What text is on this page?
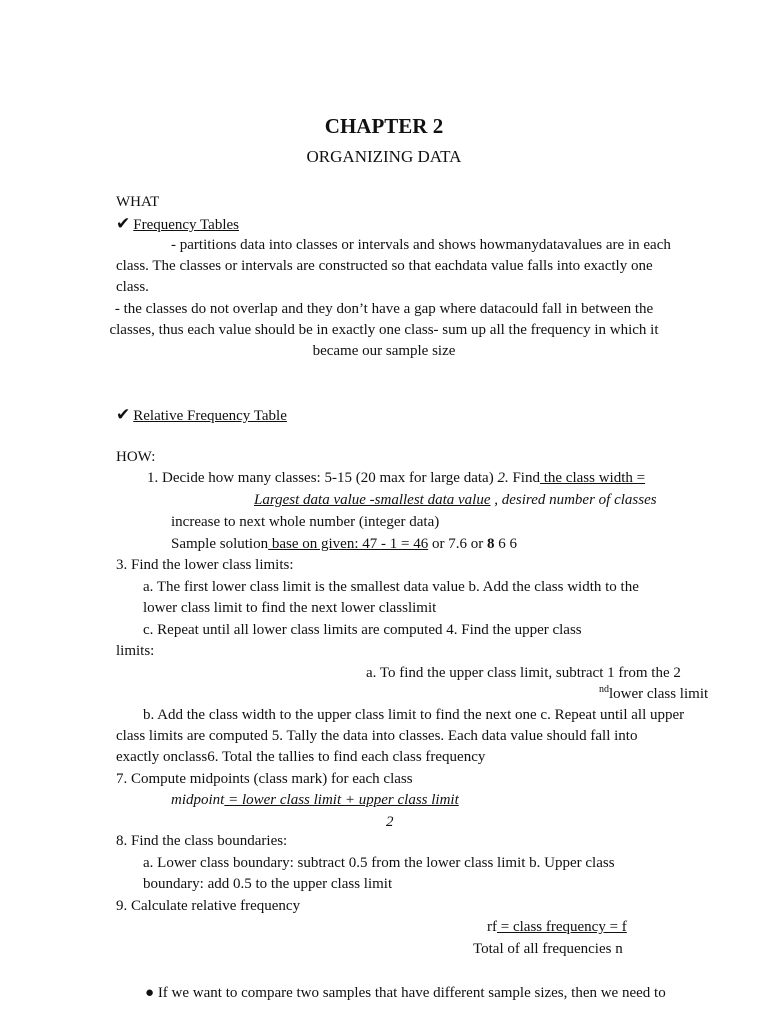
CHAPTER 2
ORGANIZING DATA
WHAT
✔ Frequency Tables
- partitions data into classes or intervals and shows howmanydatavalues are in each
class. The classes or intervals are constructed so that eachdata value falls into exactly one
class.
- the classes do not overlap and they don’t have a gap where datacould fall in between the
classes, thus each value should be in exactly one class- sum up all the frequency in which it
became our sample size
✔ Relative Frequency Table
HOW:
1. Decide how many classes: 5-15 (20 max for large data) 2. Find the class width =
Largest data value -smallest data value , desired number of classes
increase to next whole number (integer data)
Sample solution base on given: 47 - 1 = 46 or 7.6 or 8 6 6
3. Find the lower class limits:
a. The first lower class limit is the smallest data value b. Add the class width to the
lower class limit to find the next lower classlimit
c. Repeat until all lower class limits are computed 4. Find the upper class
limits:
a. To find the upper class limit, subtract 1 from the 2
$^{nd}$lower class limit
b. Add the class width to the upper class limit to find the next one c. Repeat until all upper
class limits are computed 5. Tally the data into classes. Each data value should fall into
exactly onclass6. Total the tallies to find each class frequency
7. Compute midpoints (class mark) for each class
midpoint = lower class limit + upper class limit
2
8. Find the class boundaries:
a. Lower class boundary: subtract 0.5 from the lower class limit b. Upper class
boundary: add 0.5 to the upper class limit
9. Calculate relative frequency
rf = class frequency = f
Total of all frequencies n
● If we want to compare two samples that have different sample sizes, then we need to
